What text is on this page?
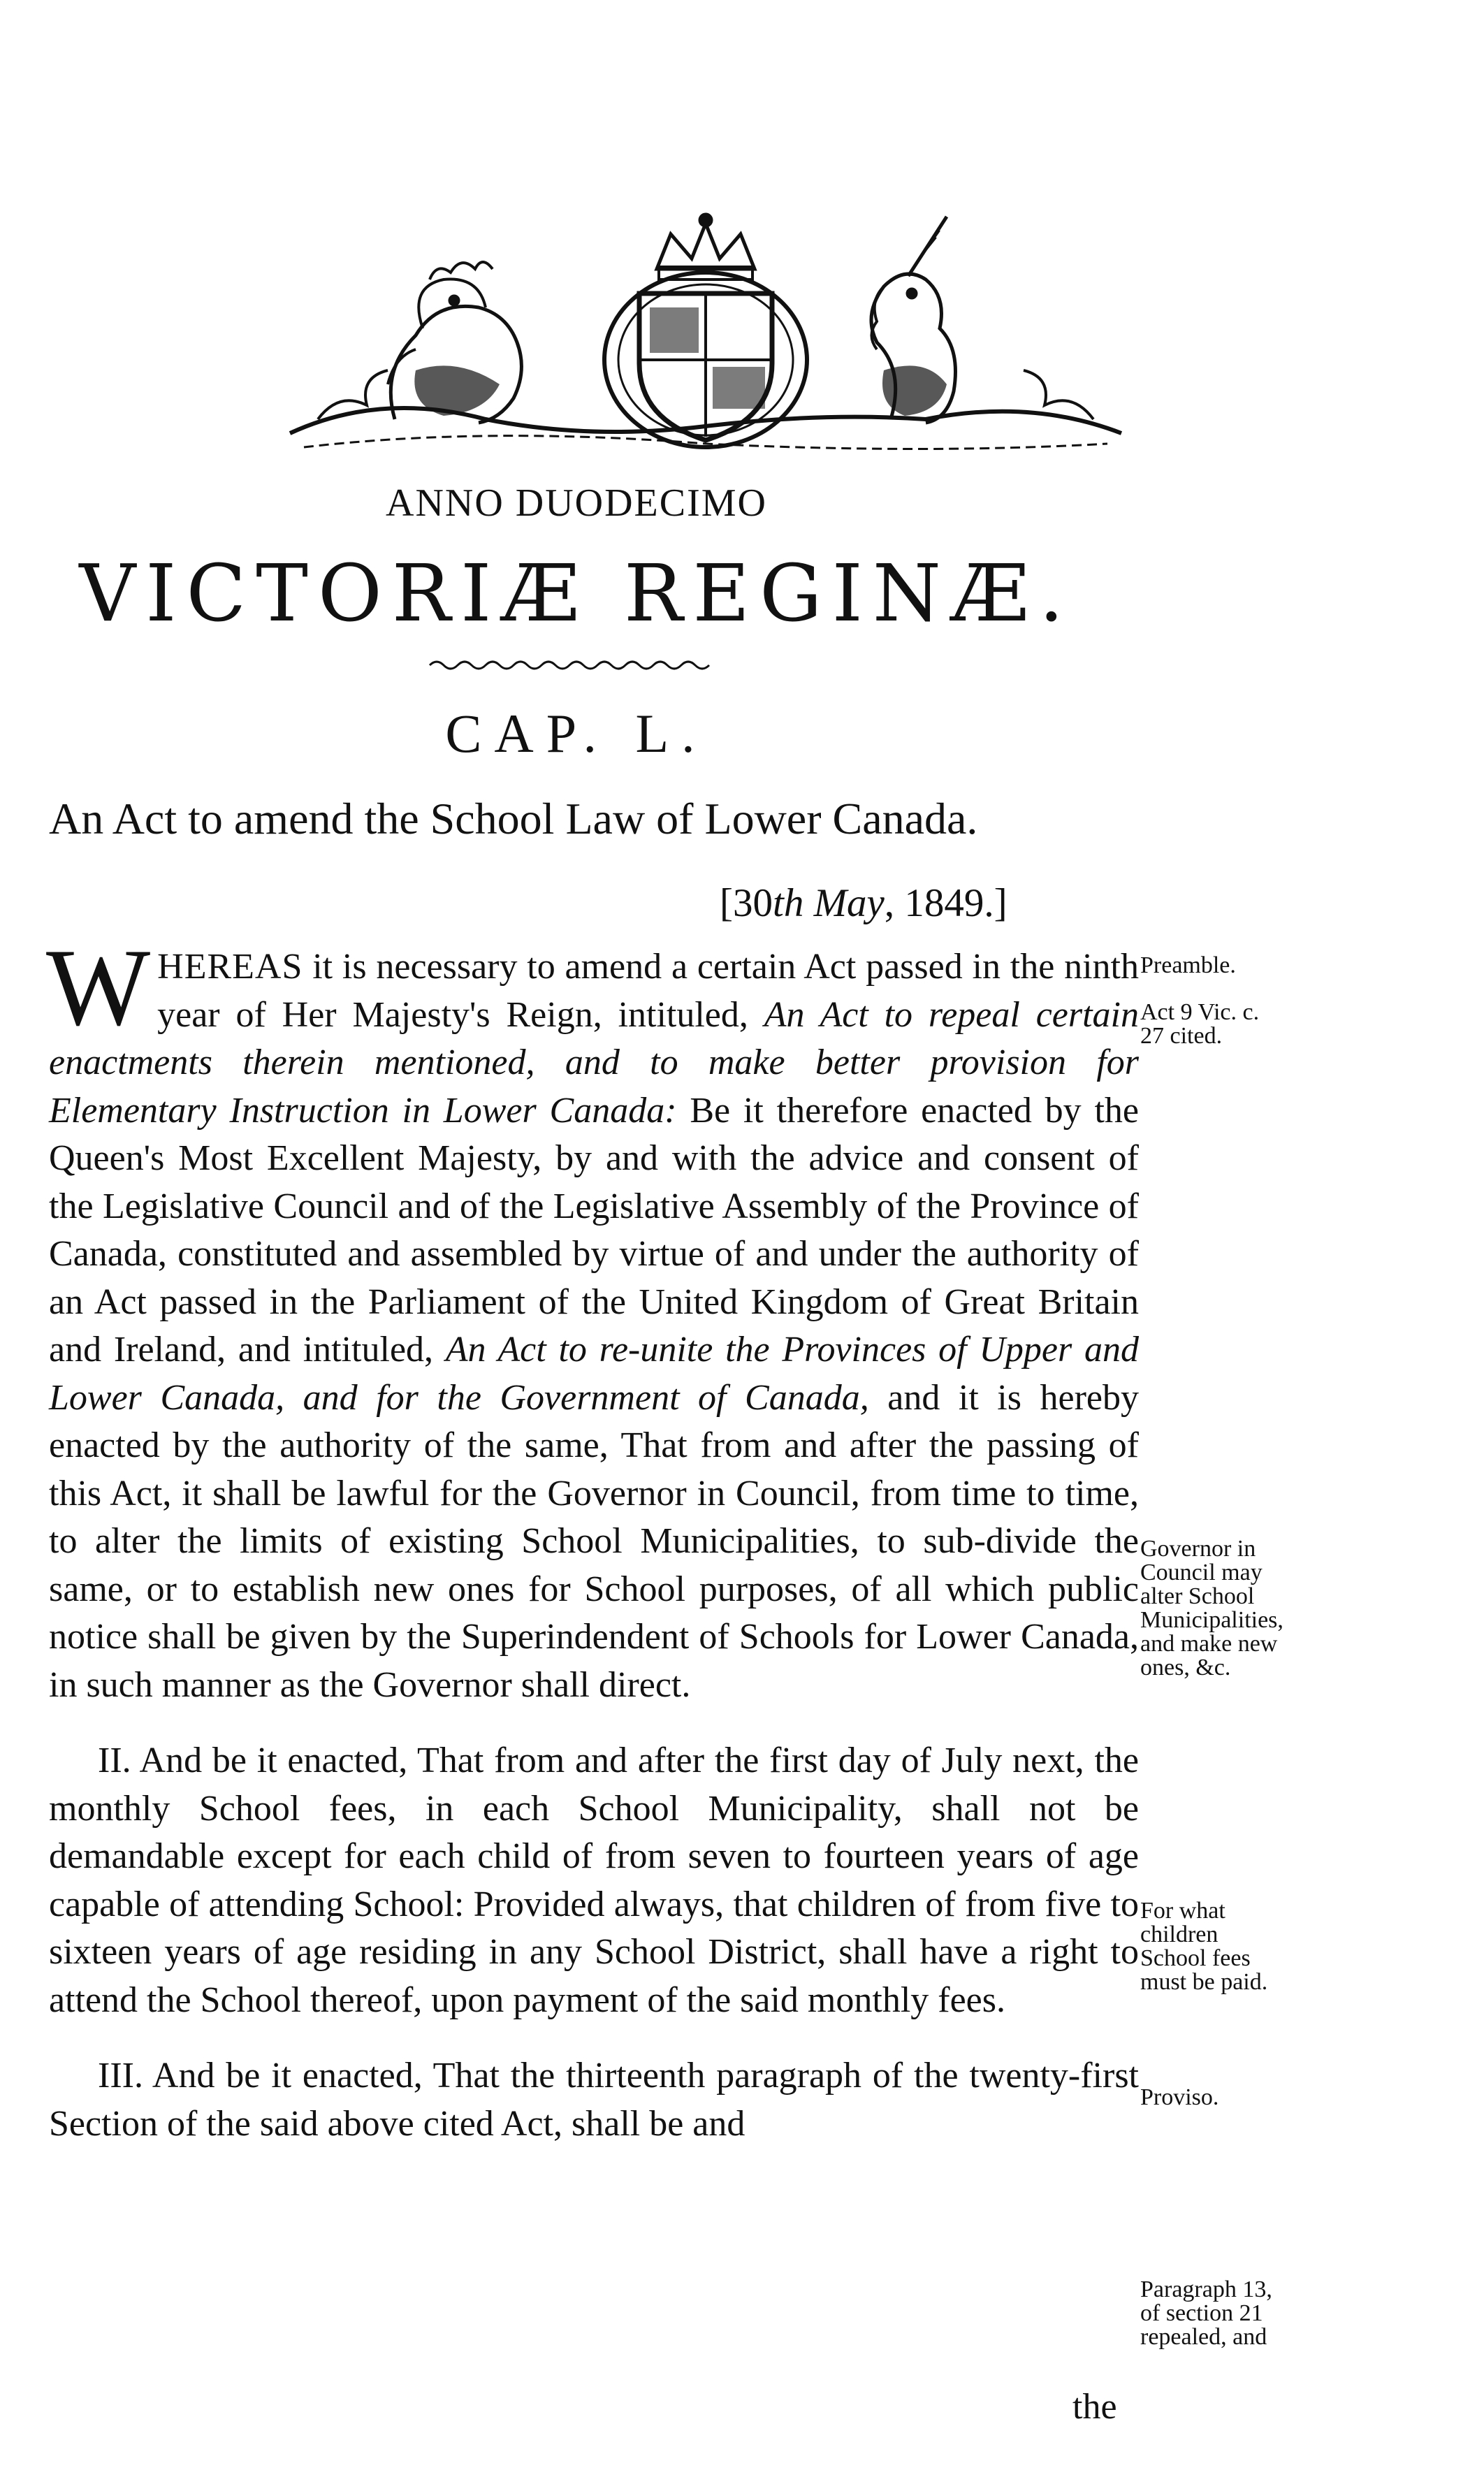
ANNO DUODECIMO
VICTORIÆ REGINÆ.
CAP. L.
An Act to amend the School Law of Lower Canada.
[30th May, 1849.]

WHEREAS it is necessary to amend a certain Act passed in the ninth year of Her Majesty's Reign, intituled, An Act to repeal certain enactments therein mentioned, and to make better provision for Elementary Instruction in Lower Canada: Be it therefore enacted by the Queen's Most Excellent Majesty, by and with the advice and consent of the Legislative Council and of the Legislative Assembly of the Province of Canada, constituted and assembled by virtue of and under the authority of an Act passed in the Parliament of the United Kingdom of Great Britain and Ireland, and intituled, An Act to re-unite the Provinces of Upper and Lower Canada, and for the Government of Canada, and it is hereby enacted by the authority of the same, That from and after the passing of this Act, it shall be lawful for the Governor in Council, from time to time, to alter the limits of existing School Municipalities, to sub-divide the same, or to establish new ones for School purposes, of all which public notice shall be given by the Superindendent of Schools for Lower Canada, in such manner as the Governor shall direct.

II. And be it enacted, That from and after the first day of July next, the monthly School fees, in each School Municipality, shall not be demandable except for each child of from seven to fourteen years of age capable of attending School: Provided always, that children of from five to sixteen years of age residing in any School District, shall have a right to attend the School thereof, upon payment of the said monthly fees.

III. And be it enacted, That the thirteenth paragraph of the twenty-first Section of the said above cited Act, shall be and

the
Preamble.
Act 9 Vic. c. 27 cited.
Governor in Council may alter School Municipalities, and make new ones, &c.
For what children School fees must be paid.
Proviso.
Paragraph 13, of section 21 repealed, and
